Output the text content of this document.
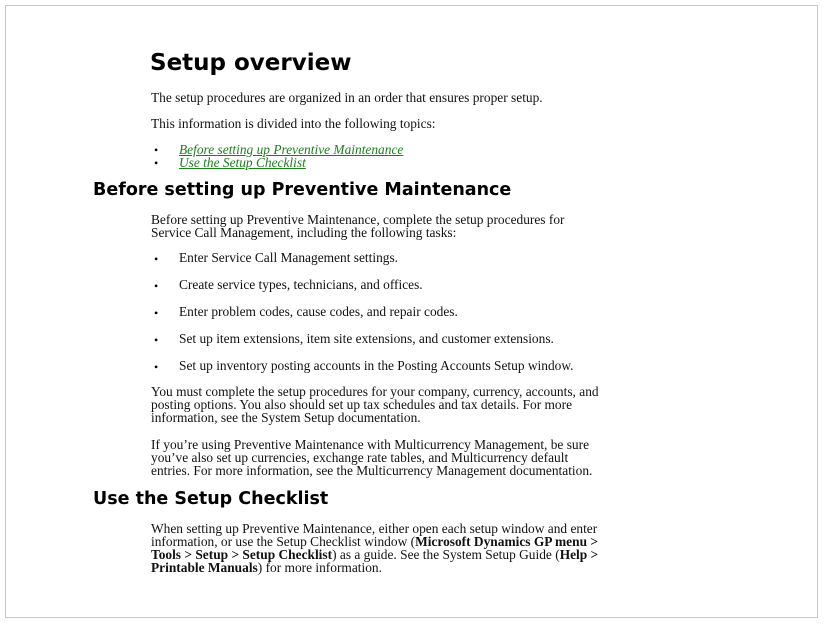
Setup overview

The setup procedures are organized in an order that ensures proper setup.

This information is divided into the following topics:

• Before setting up Preventive Maintenance
• Use the Setup Checklist
Before setting up Preventive Maintenance

Before setting up Preventive Maintenance, complete the setup procedures for

Service Call Management, including the following tasks:

• Enter Service Call Management settings.

• Create service types, technicians, and offices.

• Enter problem codes, cause codes, and repair codes.

• Set up item extensions, item site extensions, and customer extensions.

• Set up inventory posting accounts in the Posting Accounts Setup window.

You must complete the setup procedures for your company, currency, accounts, and

posting options. You also should set up tax schedules and tax details. For more

information, see the System Setup documentation.

If you’re using Preventive Maintenance with Multicurrency Management, be sure

you’ve also set up currencies, exchange rate tables, and Multicurrency default

entries. For more information, see the Multicurrency Management documentation.

Use the Setup Checklist

When setting up Preventive Maintenance, either open each setup window and enter

information, or use the Setup Checklist window (Microsoft Dynamics GP menu >

Tools > Setup > Setup Checklist) as a guide. See the System Setup Guide (Help >

Printable Manuals) for more information.
